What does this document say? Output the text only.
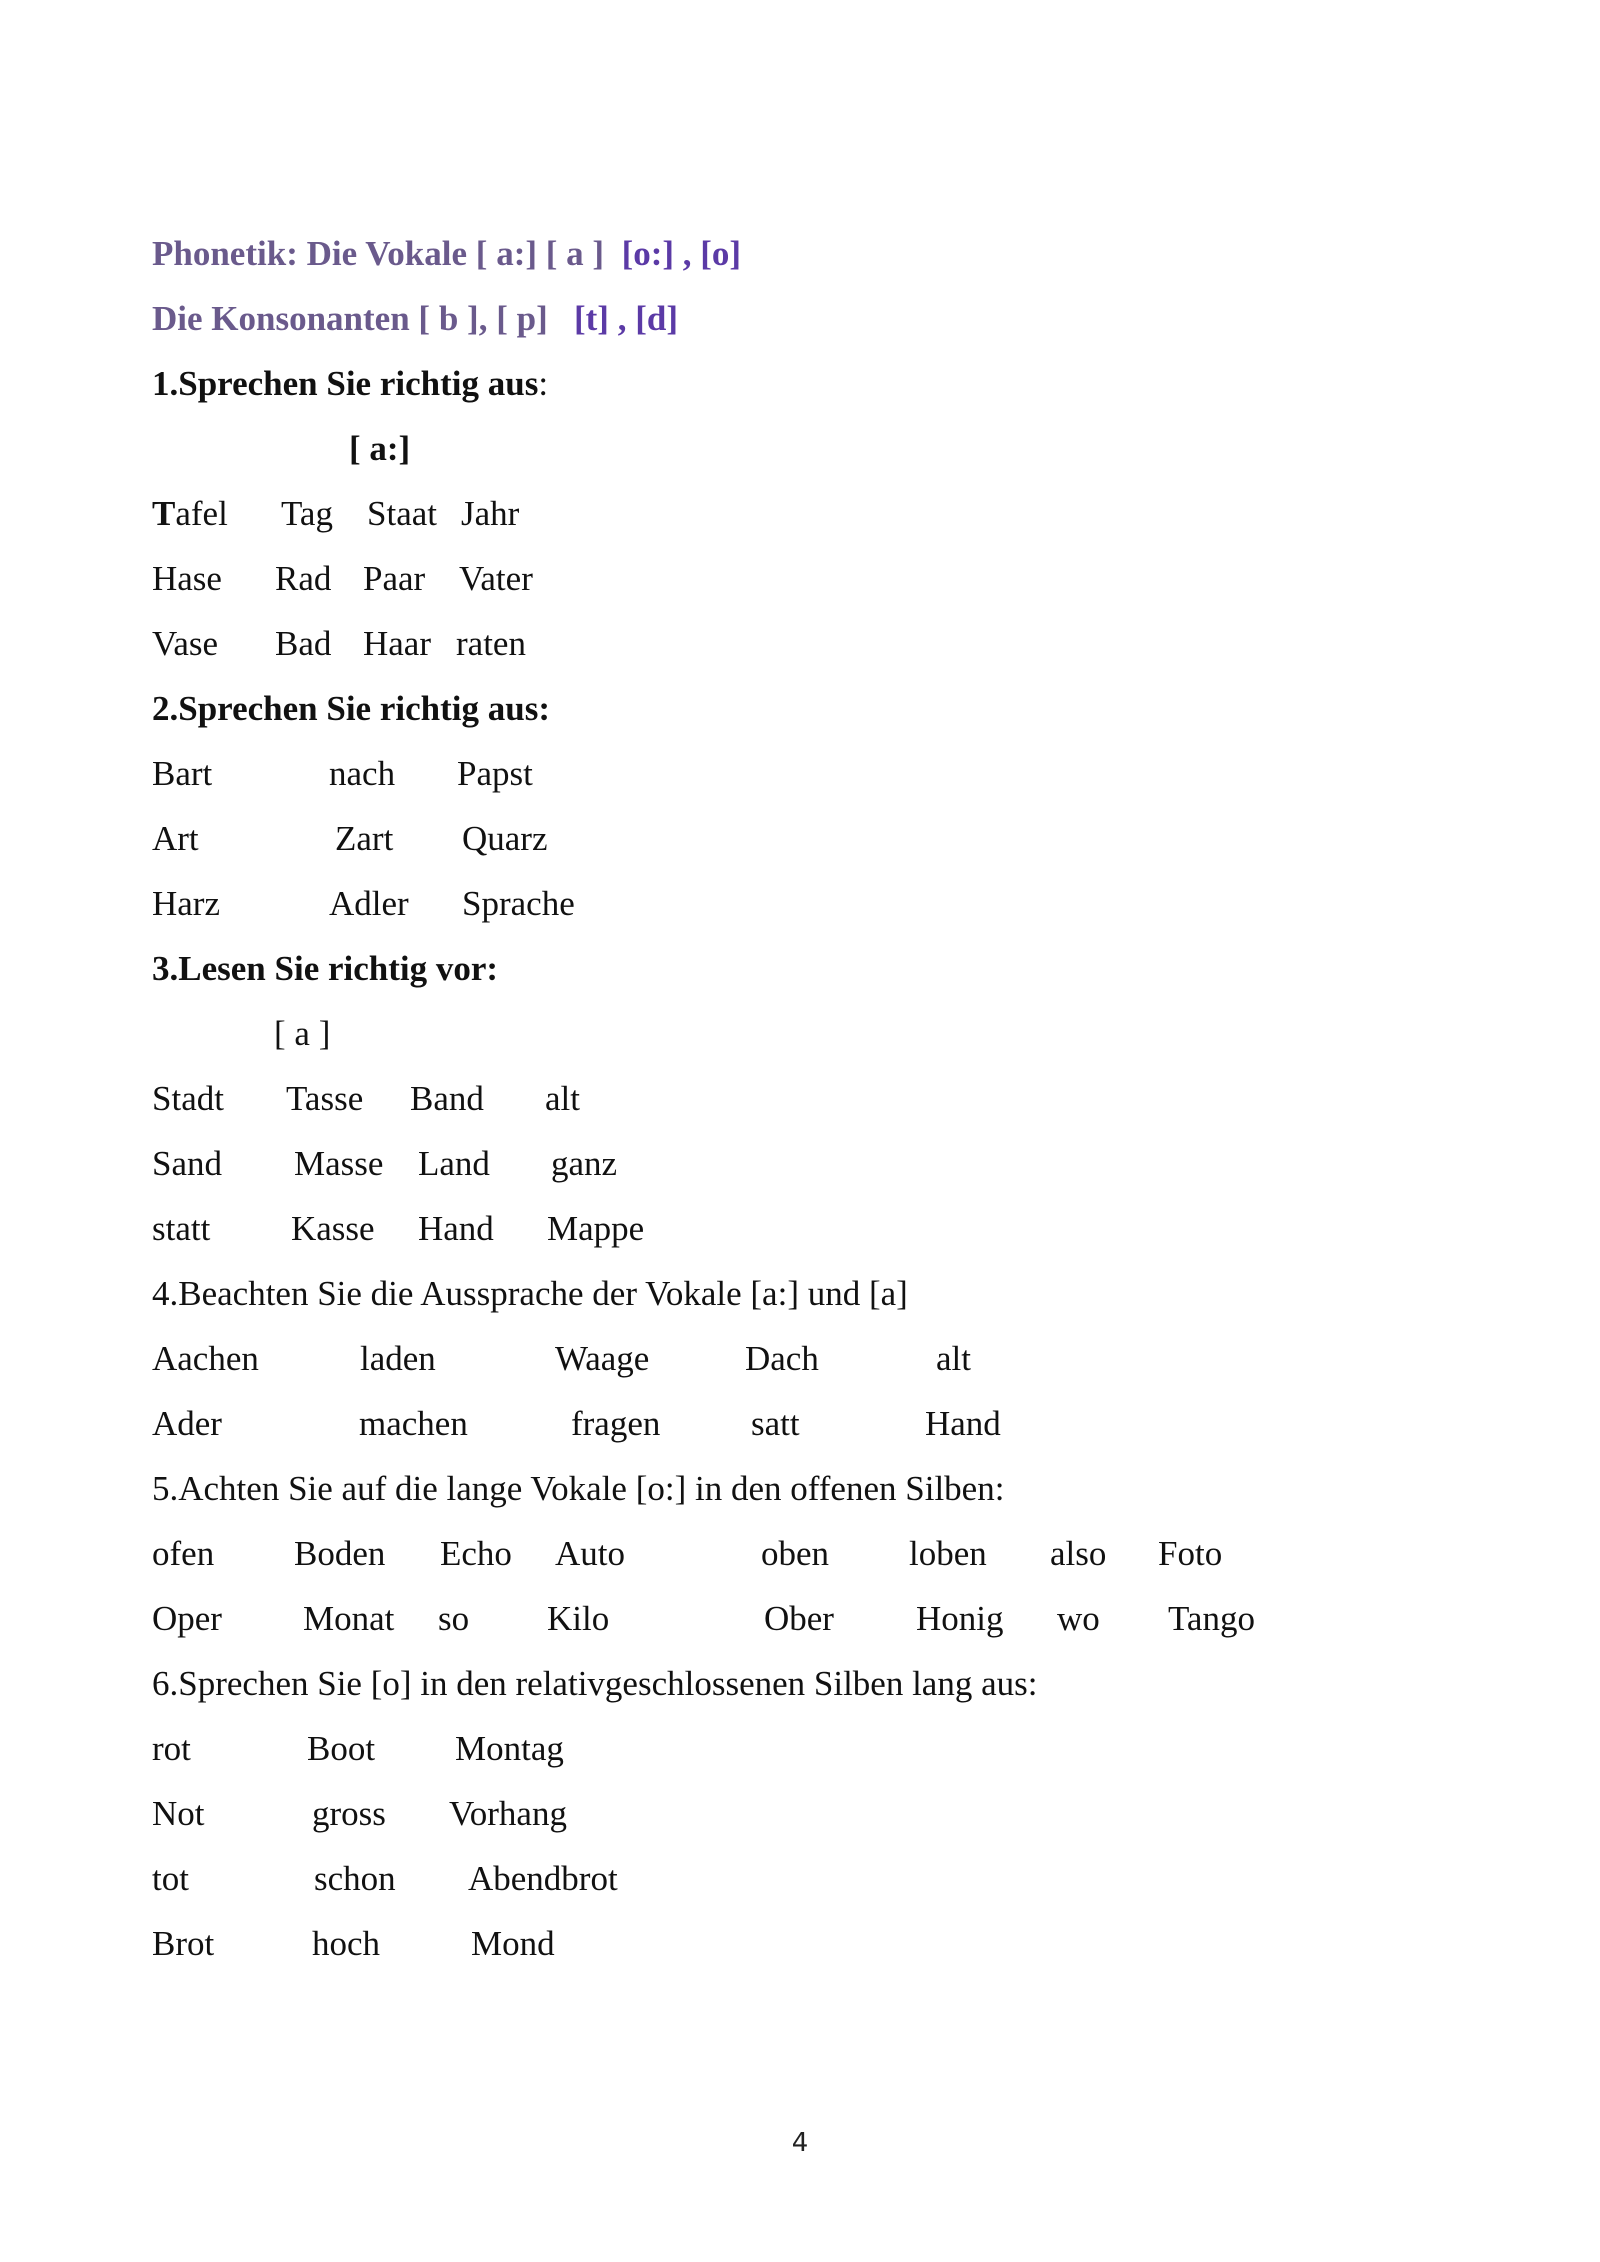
Phonetik: Die Vokale [ a:] [ a ] [o:] , [o]
Die Konsonanten [ b ], [ p] [t] , [d]
1.Sprechen Sie richtig aus:
[ a:]
Tafel Tag Staat Jahr
Hase Rad Paar Vater
Vase Bad Haar raten
2.Sprechen Sie richtig aus:
Bart	nach Papst
Art	Zart Quarz
Harz	Adler Sprache
3.Lesen Sie richtig vor:
[ a ]
Stadt Tasse Band alt
Sand Masse Land ganz
statt Kasse Hand Mappe
4.Beachten Sie die Aussprache der Vokale [a:] und [a]
Aachen	laden	Waage	Dach	alt
Ader	machen	fragen	satt	Hand
5.Achten Sie auf die lange Vokale [o:] in den offenen Silben:
ofen Boden Echo Auto	oben loben also Foto
Oper Monat so Kilo	Ober Honig wo Tango
6.Sprechen Sie [o] in den relativgeschlossenen Silben lang aus:
rot	Boot Montag
Not	gross Vorhang
tot	schon Abendbrot
Brot	hoch	Mond
4
